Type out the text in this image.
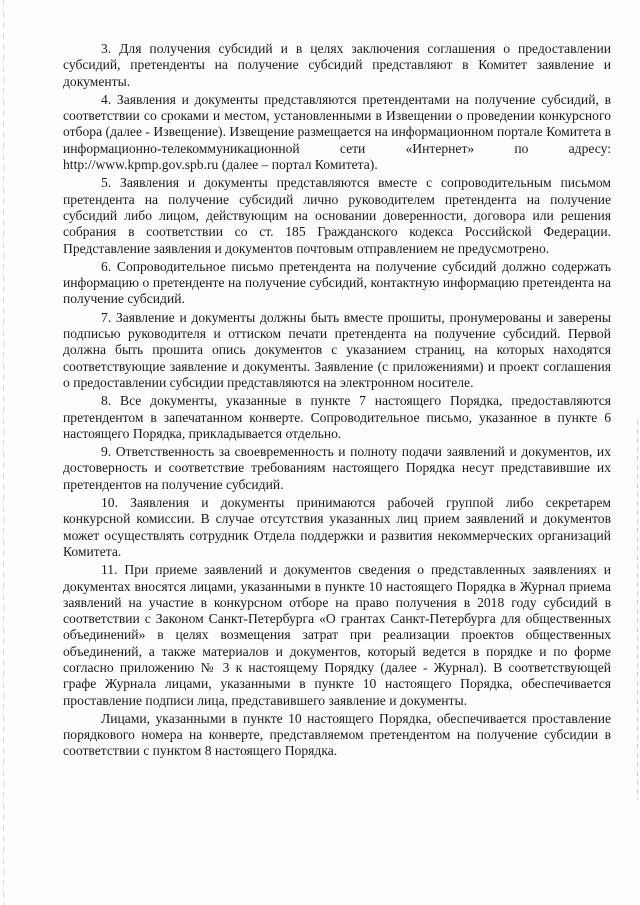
3. Для получения субсидий и в целях заключения соглашения о предоставлении субсидий, претенденты на получение субсидий представляют в Комитет заявление и документы.

4. Заявления и документы представляются претендентами на получение субсидий, в соответствии со сроками и местом, установленными в Извещении о проведении конкурсного отбора (далее - Извещение). Извещение размещается на информационном портале Комитета в информационно-телекоммуникационной сети «Интернет» по адресу: http://www.kpmp.gov.spb.ru (далее – портал Комитета).

5. Заявления и документы представляются вместе с сопроводительным письмом претендента на получение субсидий лично руководителем претендента на получение субсидий либо лицом, действующим на основании доверенности, договора или решения собрания в соответствии со ст. 185 Гражданского кодекса Российской Федерации. Представление заявления и документов почтовым отправлением не предусмотрено.

6. Сопроводительное письмо претендента на получение субсидий должно содержать информацию о претенденте на получение субсидий, контактную информацию претендента на получение субсидий.

7. Заявление и документы должны быть вместе прошиты, пронумерованы и заверены подписью руководителя и оттиском печати претендента на получение субсидий. Первой должна быть прошита опись документов с указанием страниц, на которых находятся соответствующие заявление и документы. Заявление (с приложениями) и проект соглашения о предоставлении субсидии представляются на электронном носителе.

8. Все документы, указанные в пункте 7 настоящего Порядка, предоставляются претендентом в запечатанном конверте. Сопроводительное письмо, указанное в пункте 6 настоящего Порядка, прикладывается отдельно.

9. Ответственность за своевременность и полноту подачи заявлений и документов, их достоверность и соответствие требованиям настоящего Порядка несут представившие их претендентов на получение субсидий.

10. Заявления и документы принимаются рабочей группой либо секретарем конкурсной комиссии. В случае отсутствия указанных лиц прием заявлений и документов может осуществлять сотрудник Отдела поддержки и развития некоммерческих организаций Комитета.

11. При приеме заявлений и документов сведения о представленных заявлениях и документах вносятся лицами, указанными в пункте 10 настоящего Порядка в Журнал приема заявлений на участие в конкурсном отборе на право получения в 2018 году субсидий в соответствии с Законом Санкт-Петербурга «О грантах Санкт-Петербурга для общественных объединений» в целях возмещения затрат при реализации проектов общественных объединений, а также материалов и документов, который ведется в порядке и по форме согласно приложению № 3 к настоящему Порядку (далее - Журнал). В соответствующей графе Журнала лицами, указанными в пункте 10 настоящего Порядка, обеспечивается проставление подписи лица, представившего заявление и документы.

Лицами, указанными в пункте 10 настоящего Порядка, обеспечивается проставление порядкового номера на конверте, представляемом претендентом на получение субсидии в соответствии с пунктом 8 настоящего Порядка.
